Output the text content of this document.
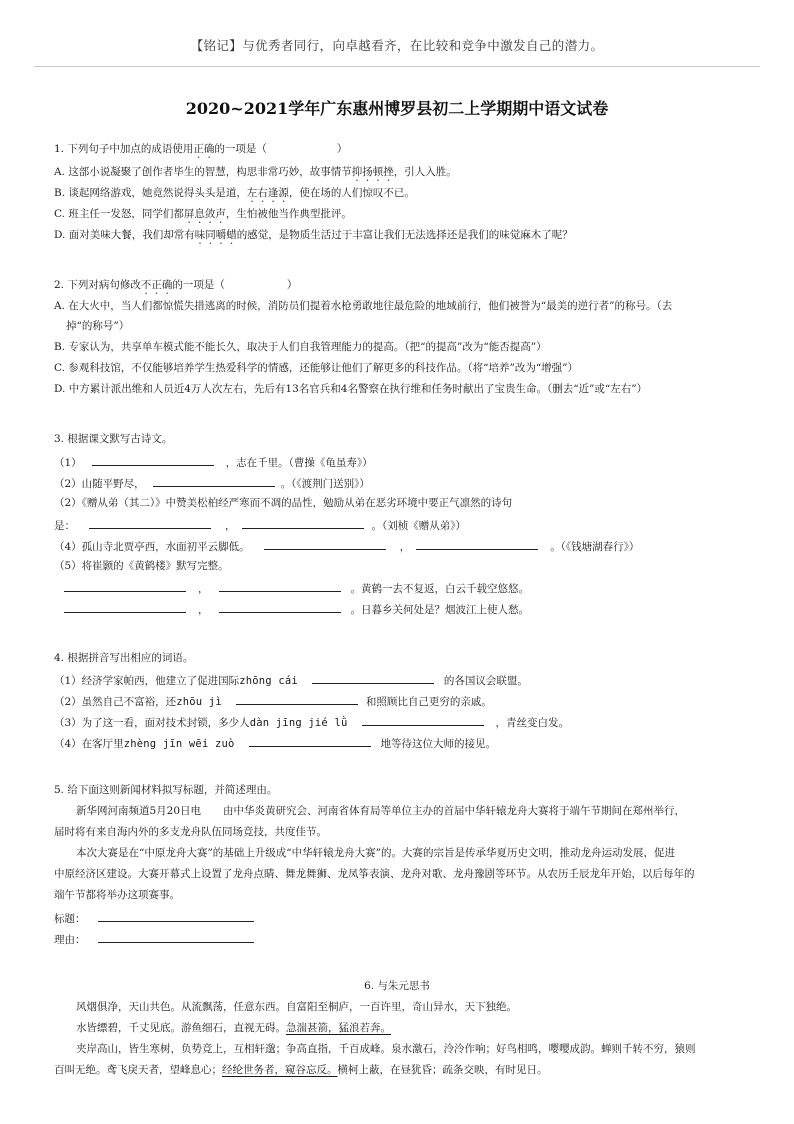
【铭记】与优秀者同行，向卓越看齐，在比较和竞争中激发自己的潜力。
2020~2021学年广东惠州博罗县初二上学期期中语文试卷
1. 下列句子中加点的成语使用正确的一项是（	）
A. 这部小说凝聚了创作者毕生的智慧，构思非常巧妙，故事情节抑扬顿挫，引人入胜。
B. 谈起网络游戏，她竟然说得头头是道，左右逢源，使在场的人们惊叹不已。
C. 班主任一发怒，同学们都屏息敛声，生怕被他当作典型批评。
D. 面对美味大餐，我们却常有味同嚼蜡的感觉，是物质生活过于丰富让我们无法选择还是我们的味觉麻木了呢？
2. 下列对病句修改不正确的一项是（	）
A. 在大火中，当人们都惊慌失措逃离的时候，消防员们提着水枪勇敢地往最危险的地域前行，他们被誉为“最美的逆行者”的称号。（去
掉“的称号”）
B. 专家认为，共享单车模式能不能长久，取决于人们自我管理能力的提高。（把“的提高”改为“能否提高”）
C. 参观科技馆，不仅能够培养学生热爱科学的情感，还能够让他们了解更多的科技作品。（将“培养”改为“增强”）
D. 中方累计派出维和人员近4万人次左右，先后有13名官兵和4名警察在执行维和任务时献出了宝贵生命。（删去“近”或“左右”）
3. 根据课文默写古诗文。
（1）	，志在千里。（曹操《龟虽寿》）
（2）山随平野尽，	。（《渡荆门送别》）
（2）《赠从弟（其二）》中赞美松柏经严寒而不凋的品性，勉励从弟在恶劣环境中要正气凛然的诗句
是：	，	。（刘桢《赠从弟》）
（4）孤山寺北贾亭西，水面初平云脚低。	，	。（《钱塘湖春行》）
（5）将崔颢的《黄鹤楼》默写完整。
，	。黄鹤一去不复返，白云千载空悠悠。
，	。日暮乡关何处是？烟波江上使人愁。
4. 根据拼音写出相应的词语。
（1）经济学家帕西，他建立了促进国际zhōng cái	的各国议会联盟。
（2）虽然自己不富裕，还zhōu jì	和照顾比自己更穷的亲戚。
（3）为了这一看，面对技术封锁，多少人dàn jīng jié lǜ	，青丝变白发。
（4）在客厅里zhèng jīn wēi zuò	地等待这位大师的接见。
5. 给下面这则新闻材料拟写标题，并简述理由。
新华网河南频道5月20日电 由中华炎黄研究会、河南省体育局等单位主办的首届中华轩辕龙舟大赛将于端午节期间在郑州举行，
届时将有来自海内外的多支龙舟队伍同场竞技，共度佳节。
本次大赛是在“中原龙舟大赛”的基础上升级成“中华轩辕龙舟大赛”的。大赛的宗旨是传承华夏历史文明，推动龙舟运动发展，促进
中原经济区建设。大赛开幕式上设置了龙舟点睛、舞龙舞狮、龙凤筝表演、龙舟对歌、龙舟豫剧等环节。从农历壬辰龙年开始，以后每年的
端午节都将举办这项赛事。
标题：
理由：
6. 与朱元思书
风烟俱净，天山共色。从流飘荡，任意东西。自富阳至桐庐，一百许里，奇山异水，天下独绝。
水皆缥碧，千丈见底。游鱼细石，直视无碍。急湍甚箭，猛浪若奔。
夹岸高山，皆生寒树，负势竞上，互相轩邈；争高直指，千百成峰。泉水激石，泠泠作响；好鸟相鸣，嘤嘤成韵。蝉则千转不穷，猿则
百叫无绝。鸢飞戾天者，望峰息心；经纶世务者，窥谷忘反。横柯上蔽，在昼犹昏；疏条交映，有时见日。
